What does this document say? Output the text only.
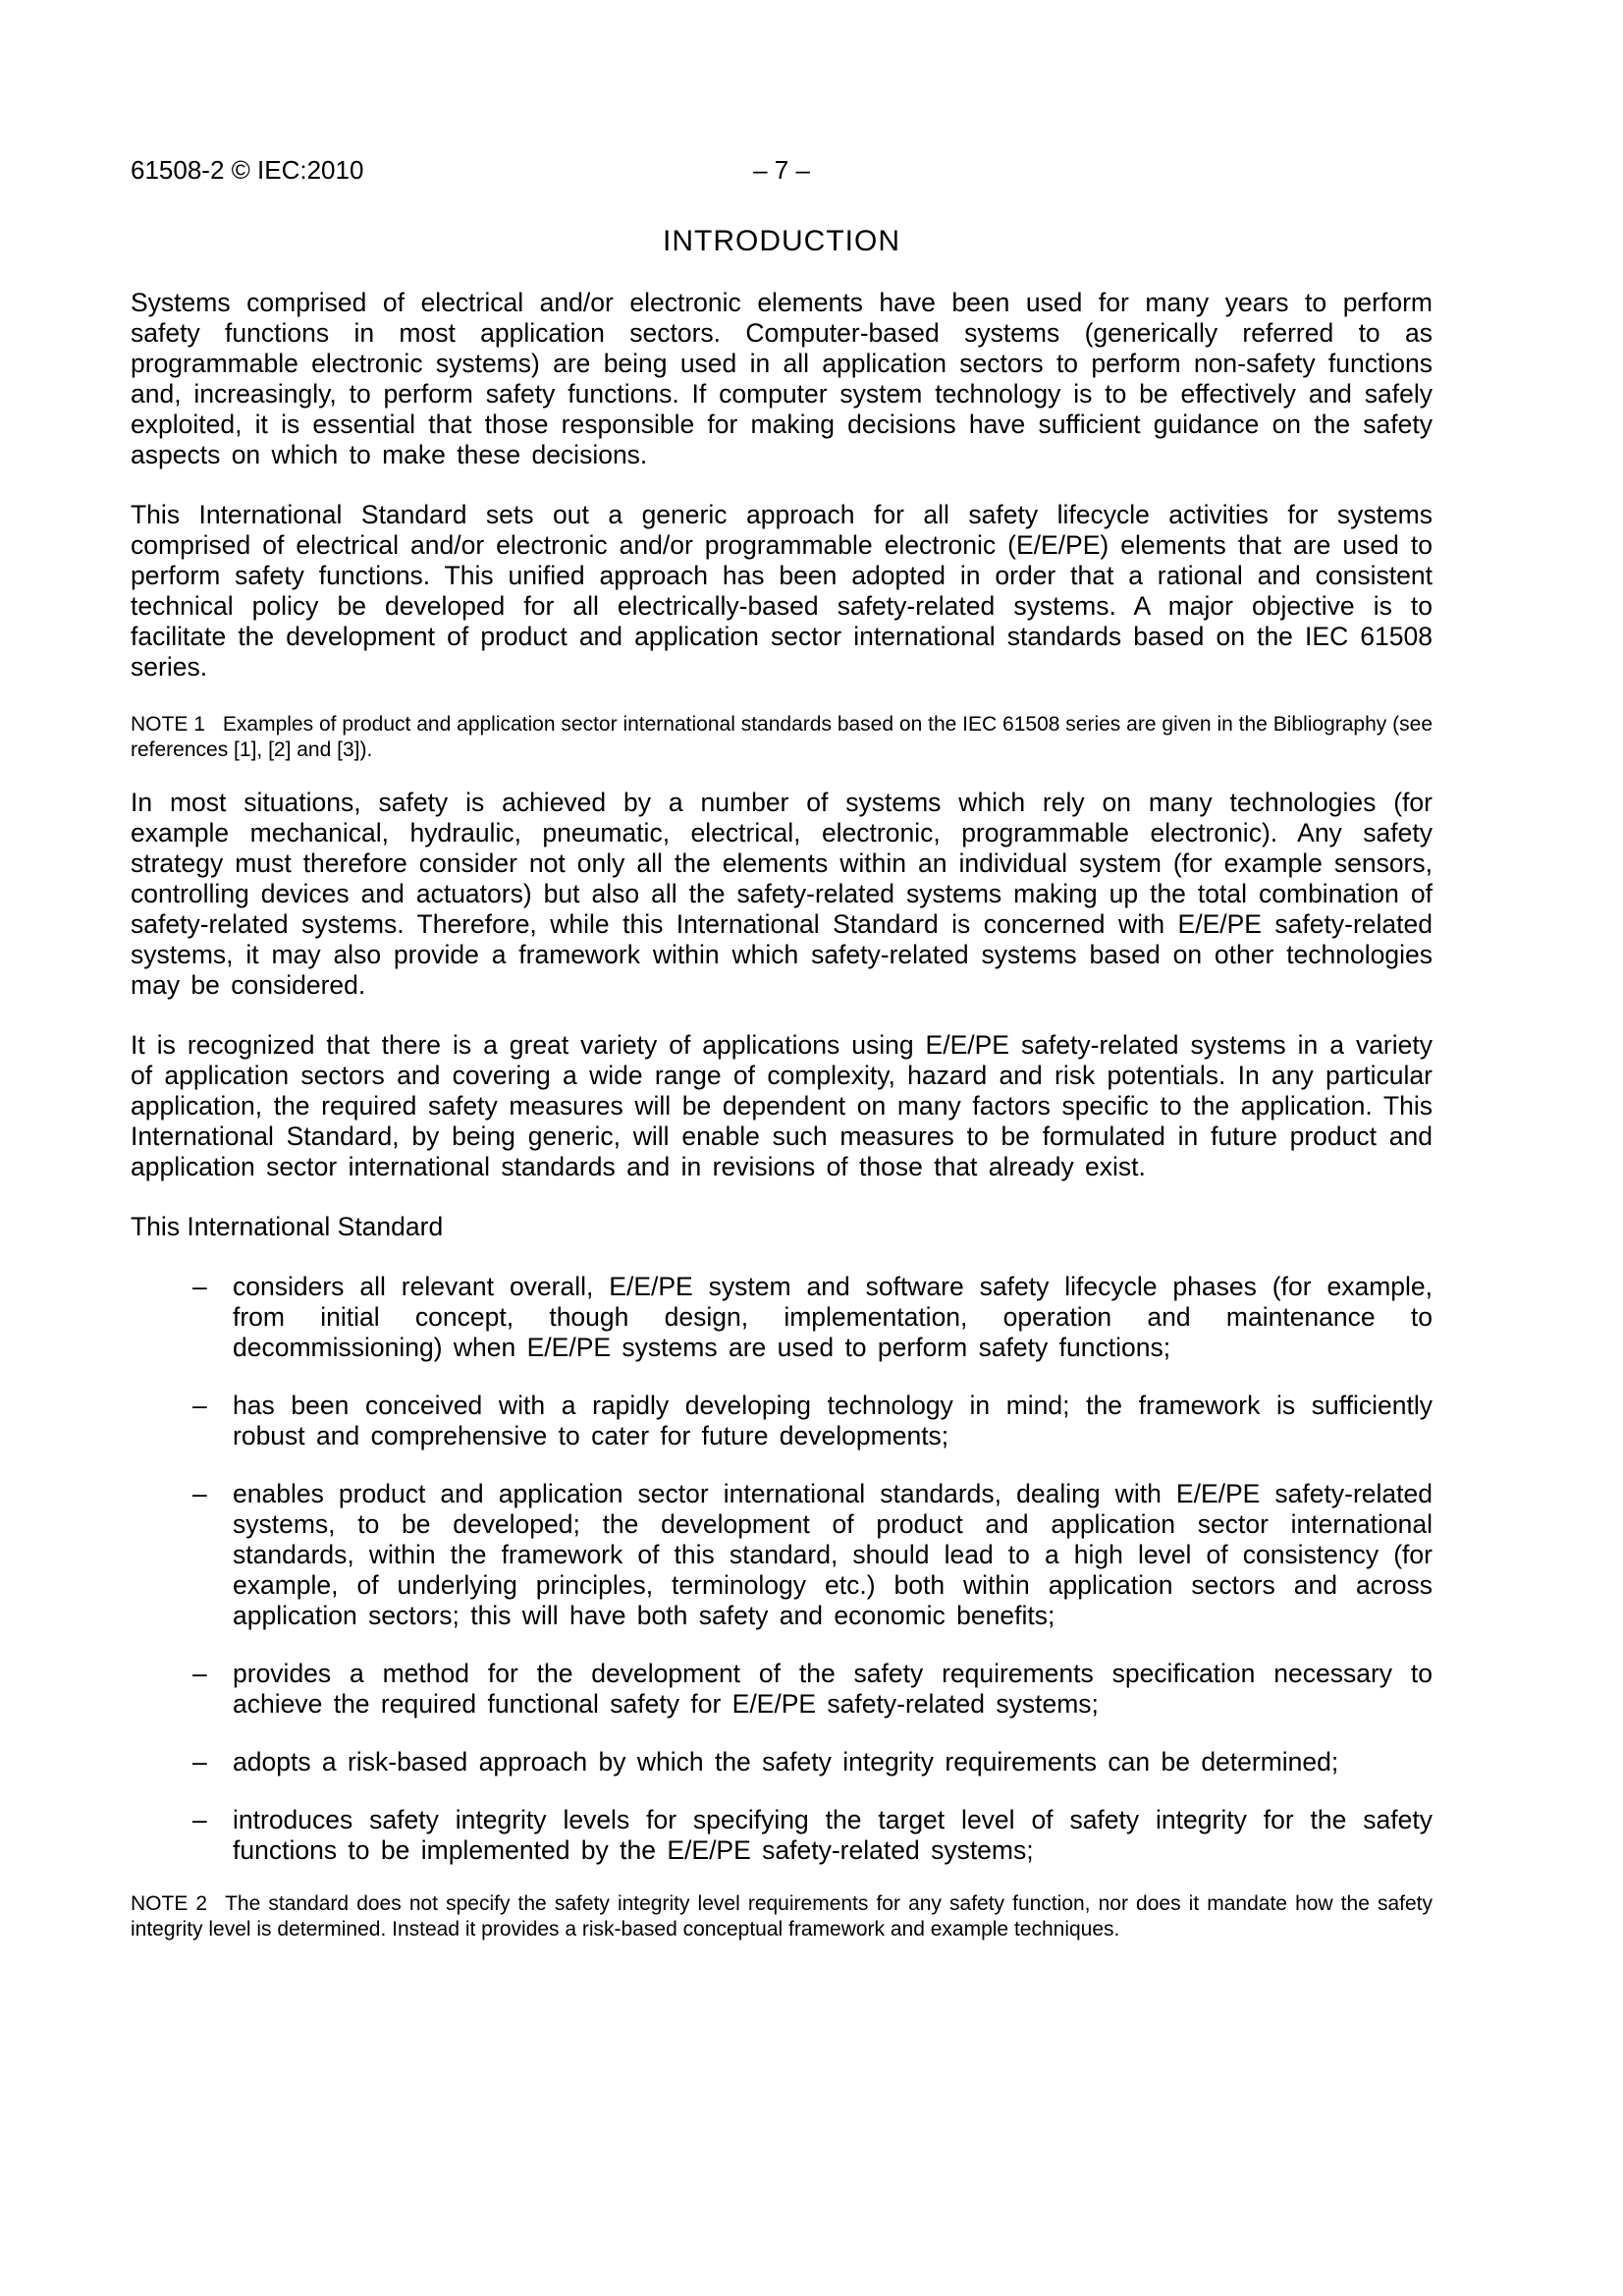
61508-2 © IEC:2010	– 7 –
INTRODUCTION

Systems comprised of electrical and/or electronic elements have been used for many years to perform safety functions in most application sectors. Computer-based systems (generically referred to as programmable electronic systems) are being used in all application sectors to perform non-safety functions and, increasingly, to perform safety functions. If computer system technology is to be effectively and safely exploited, it is essential that those responsible for making decisions have sufficient guidance on the safety aspects on which to make these decisions.

This International Standard sets out a generic approach for all safety lifecycle activities for systems comprised of electrical and/or electronic and/or programmable electronic (E/E/PE) elements that are used to perform safety functions. This unified approach has been adopted in order that a rational and consistent technical policy be developed for all electrically-based safety-related systems. A major objective is to facilitate the development of product and application sector international standards based on the IEC 61508 series.

NOTE 1 Examples of product and application sector international standards based on the IEC 61508 series are given in the Bibliography (see references [1], [2] and [3]).

In most situations, safety is achieved by a number of systems which rely on many technologies (for example mechanical, hydraulic, pneumatic, electrical, electronic, programmable electronic). Any safety strategy must therefore consider not only all the elements within an individual system (for example sensors, controlling devices and actuators) but also all the safety-related systems making up the total combination of safety-related systems. Therefore, while this International Standard is concerned with E/E/PE safety-related systems, it may also provide a framework within which safety-related systems based on other technologies may be considered.

It is recognized that there is a great variety of applications using E/E/PE safety-related systems in a variety of application sectors and covering a wide range of complexity, hazard and risk potentials. In any particular application, the required safety measures will be dependent on many factors specific to the application. This International Standard, by being generic, will enable such measures to be formulated in future product and application sector international standards and in revisions of those that already exist.

This International Standard

– considers all relevant overall, E/E/PE system and software safety lifecycle phases (for example, from initial concept, though design, implementation, operation and maintenance to decommissioning) when E/E/PE systems are used to perform safety functions;
– has been conceived with a rapidly developing technology in mind; the framework is sufficiently robust and comprehensive to cater for future developments;
– enables product and application sector international standards, dealing with E/E/PE safety-related systems, to be developed; the development of product and application sector international standards, within the framework of this standard, should lead to a high level of consistency (for example, of underlying principles, terminology etc.) both within application sectors and across application sectors; this will have both safety and economic benefits;
– provides a method for the development of the safety requirements specification necessary to achieve the required functional safety for E/E/PE safety-related systems;
– adopts a risk-based approach by which the safety integrity requirements can be determined;
– introduces safety integrity levels for specifying the target level of safety integrity for the safety functions to be implemented by the E/E/PE safety-related systems;
NOTE 2 The standard does not specify the safety integrity level requirements for any safety function, nor does it mandate how the safety integrity level is determined. Instead it provides a risk-based conceptual framework and example techniques.
